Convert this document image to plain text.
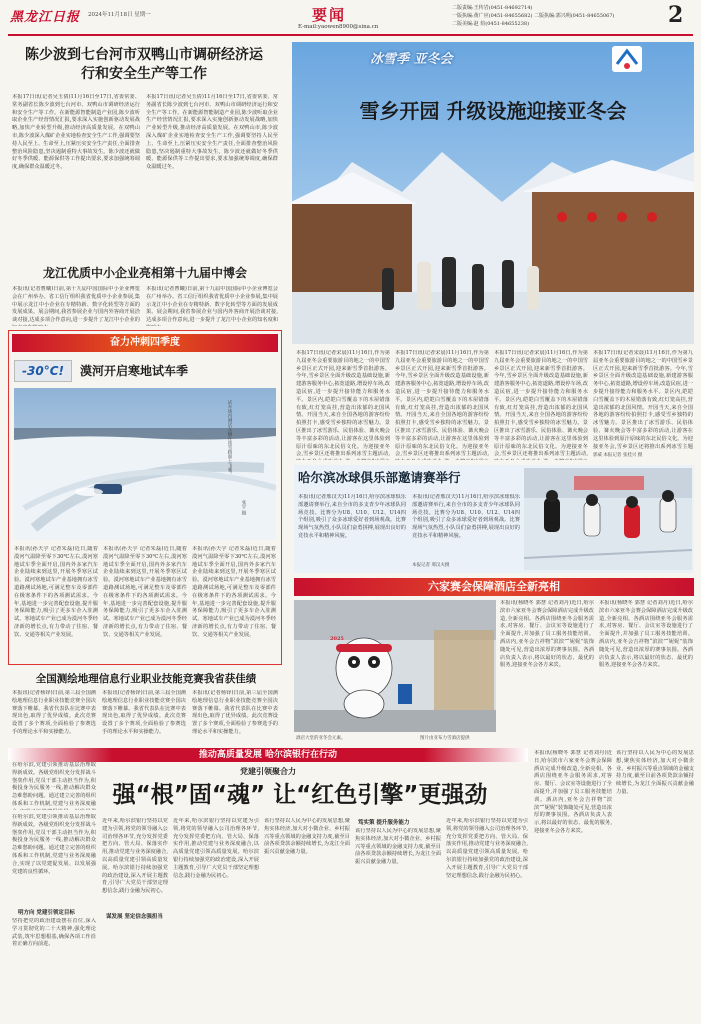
黑龙江日报 2024年11月18日 星期一	要闻
E-mail:yaowen8900@sina.cn
二版责编:王传岩(0451-84692714)
一版执编:黄广应(0451-84655682) 二版执编:郭兴明(0451-84655067)
二版美编:赵 煊(0451-84655238)	2
陈少波到七台河市双鸭山市调研经济运行和安全生产等工作
本报17日讯(记者吴玉倩)11月16日至17日,省委常委、常务副省长陈少波到七台河市、双鸭山市调研经济运行和安全生产等工作。在新能源智能制造产业园,陈少波听取企业生产经营情况汇报,要求深入实施创新驱动发展战略,加快产业转型升级,推动经济高质量发展。在双鸭山市,陈少波深入煤矿企业实地检查安全生产工作,强调要坚持人民至上、生命至上,压紧压实安全生产责任,全面排查整治风险隐患,坚决遏制重特大事故发生。陈少波还就做好冬季供暖、能源保供等工作提出要求,要求加强统筹调度,确保群众温暖过冬。
本报17日讯(记者吴玉倩)11月16日至17日,省委常委、常务副省长陈少波到七台河市、双鸭山市调研经济运行和安全生产等工作。在新能源智能制造产业园,陈少波听取企业生产经营情况汇报,要求深入实施创新驱动发展战略,加快产业转型升级,推动经济高质量发展。在双鸭山市,陈少波深入煤矿企业实地检查安全生产工作,强调要坚持人民至上、生命至上,压紧压实安全生产责任,全面排查整治风险隐患,坚决遏制重特大事故发生。陈少波还就做好冬季供暖、能源保供等工作提出要求,要求加强统筹调度,确保群众温暖过冬。
龙江优质中小企业亮相第十九届中博会
本报讯(记者曹曦)日前,第十九届中国国际中小企业博览会在广州举办。省工信厅组织我省优质中小企业参展,集中展示龙江中小企业在专精特新、数字化转型等方面的发展成果。展会期间,我省参展企业与国内外客商开展洽谈对接,达成多项合作意向,进一步提升了龙江中小企业的
本报讯(记者曹曦)日前,第十九届中国国际中小企业博览会在广州举办。省工信厅组织我省优质中小企业参展,集中展示龙江中小企业在专精特新、数字化转型等方面的发展成果。展会期间,我省参展企业与国内外客商开展洽谈对接,达成多项合作意向,进一步提升了龙江中小企业的知名度和
奋力冲刺四季度
-30°C!	漠河开启寒地试车季
试车场内测试车辆在冰雪路面上飞驰。
张宇 摄
本报讯(孙天宇 记者朱磊)近日,随着漠河气温降至零下30℃左右,漠河寒地试车季全面开启,国内外多家汽车企业陆续来到这里,开展冬季寒区试验。漠河寒地试车产业基地拥有冰雪道路测试场地,可满足整车及零部件在极寒条件下的各项测试需求。今年,基地进一步完善配套设施,提升服务保障能力,吸引了更多车企入驻测试。寒地试车产业已成为漠河冬季经济新的增长点,有力带动了住宿、餐饮、交通等相关产业发展。
本报讯(孙天宇 记者朱磊)近日,随着漠河气温降至零下30℃左右,漠河寒地试车季全面开启,国内外多家汽车企业陆续来到这里,开展冬季寒区试验。漠河寒地试车产业基地拥有冰雪道路测试场地,可满足整车及零部件在极寒条件下的各项测试需求。今年,基地进一步完善配套设施,提升服务保障能力,吸引了更多车企入驻测试。寒地试车产业已成为漠河冬季经济新的增长点,有力带动了住宿、餐饮、交通等相关产业发展。
本报讯(孙天宇 记者朱磊)近日,随着漠河气温降至零下30℃左右,漠河寒地试车季全面开启,国内外多家汽车企业陆续来到这里,开展冬季寒区试验。漠河寒地试车产业基地拥有冰雪道路测试场地,可满足整车及零部件在极寒条件下的各项测试需求。今年,基地进一步完善配套设施,提升服务保障能力,吸引了更多车企入驻测试。寒地试车产业已成为漠河冬季经济新的增长点,有力带动了住宿、餐饮、交通等相关产业发展。
全国测绘地理信息行业职业技能竞赛我省获佳绩
本报讯(记者杨铎)日前,第三届全国测绘地理信息行业职业技能竞赛全国决赛落下帷幕。我省代表队在比赛中表现出色,取得了优异成绩。此次竞赛设置了多个赛项,全面检验了参赛选手的理论水平和实操能力。
本报讯(记者杨铎)日前,第三届全国测绘地理信息行业职业技能竞赛全国决赛落下帷幕。我省代表队在比赛中表现出色,取得了优异成绩。此次竞赛设置了多个赛项,全面检验了参赛选手的理论水平和实操能力。
本报讯(记者杨铎)日前,第三届全国测绘地理信息行业职业技能竞赛全国决赛落下帷幕。我省代表队在比赛中表现出色,取得了优异成绩。此次竞赛设置了多个赛项,全面检验了参赛选手的理论水平和实操能力。
冰雪季 亚冬会
雪乡开园 升级设施迎接亚冬会
本报17日讯(记者宋晨)11月16日,作为第九届亚冬会重要旅游目的地之一的中国雪乡景区正式开园,迎来新雪季首批游客。今年,雪乡景区全面升级改造基础设施,新建游客服务中心,拓宽道路,增设停车场,改造民宿,进一步提升接待能力和服务水平。景区内,皑皑白雪覆盖下的木屋错落有致,红灯笼高挂,营造出浓郁的北国风情。开园当天,来自全国各地的游客纷纷拍照打卡,感受雪乡独特的冰雪魅力。景区推出了冰雪游乐、民俗体验、篝火晚会等丰富多彩的活动,让游客在这里体验到原汁原味的东北民俗文化。为迎接亚冬会,雪乡景区还将推出系列冰雪主题活动,
本报17日讯(记者宋晨)11月16日,作为第九届亚冬会重要旅游目的地之一的中国雪乡景区正式开园,迎来新雪季首批游客。今年,雪乡景区全面升级改造基础设施,新建游客服务中心,拓宽道路,增设停车场,改造民宿,进一步提升接待能力和服务水平。景区内,皑皑白雪覆盖下的木屋错落有致,红灯笼高挂,营造出浓郁的北国风情。开园当天,来自全国各地的游客纷纷拍照打卡,感受雪乡独特的冰雪魅力。景区推出了冰雪游乐、民俗体验、篝火晚会等丰富多彩的活动,让游客在这里体验到原汁原味的东北民俗文化。为迎接亚冬会,雪乡景区还将推出系列冰雪主题活动,
本报17日讯(记者宋晨)11月16日,作为第九届亚冬会重要旅游目的地之一的中国雪乡景区正式开园,迎来新雪季首批游客。今年,雪乡景区全面升级改造基础设施,新建游客服务中心,拓宽道路,增设停车场,改造民宿,进一步提升接待能力和服务水平。景区内,皑皑白雪覆盖下的木屋错落有致,红灯笼高挂,营造出浓郁的北国风情。开园当天,来自全国各地的游客纷纷拍照打卡,感受雪乡独特的冰雪魅力。景区推出了冰雪游乐、民俗体验、篝火晚会等丰富多彩的活动,让游客在这里体验到原汁原味的东北民俗文化。为迎接亚冬会,雪乡景区还将推出系列冰雪主题活动,
本报17日讯(记者宋晨)11月16日,作为第九届亚冬会重要旅游目的地之一的中国雪乡景区正式开园,迎来新雪季首批游客。今年,雪乡景区全面升级改造基础设施,新建游客服务中心,拓宽道路,增设停车场,改造民宿,进一步提升接待能力和服务水平。景区内,皑皑白雪覆盖下的木屋错落有致,红灯笼高挂,营造出浓郁的北国风情。开园当天,来自全国各地的游客纷纷拍照打卡,感受雪乡独特的冰雪魅力。景区推出了冰雪游乐、民俗体验、篝火晚会等丰富多彩的活动,让游客在这里体验到原汁原味的东北民俗文化。为迎接亚冬会,雪乡景区还将推出系列冰雪主题
郭威 本报记者 张桂兴 摄
哈尔滨冰球俱乐部邀请赛举行
本报讯(记者邢汉夫)11月16日,哈尔滨冰球俱乐部邀请赛举行,来自全市的多支青少年冰球队同场竞技。比赛分为U8、U10、U12、U14四个组别,吸引了众多冰球爱好者到场观战。比赛现场气氛热烈,小队员们奋勇拼搏,展现出良好的竞技水平和精神风貌。
本报讯(记者邢汉夫)11月16日,哈尔滨冰球俱乐部邀请赛举行,来自全市的多支青少年冰球队同场竞技。比赛分为U8、U10、U12、U14四个组别,吸引了众多冰球爱好者到场观战。比赛现场气氛热烈,小队员们奋勇拼搏,展现出良好的竞技水平和精神风貌。
本报记者 邢汉夫摄
六家赛会保障酒店全新亮相
2025
酒店大堂的亚冬会元素。	图片由亚布力雪酒店提供
本报讯(杨晓冬 郭慧 记者刘丹)近日,哈尔滨市六家亚冬会赛会保障酒店完成升级改造,全新亮相。各酒店围绕亚冬会服务需求,对客房、餐厅、会议室等设施进行了全面提升,并加强了员工服务技能培训。酒店内,亚冬会吉祥物“滨滨”“妮妮”装饰随处可见,营造出浓厚的赛事氛围。各酒店负责人表示,将以最好的状态、最优的服务,迎接亚冬会各方来宾。
本报讯(杨晓冬 郭慧 记者刘丹)近日,哈尔滨市六家亚冬会赛会保障酒店完成升级改造,全新亮相。各酒店围绕亚冬会服务需求,对客房、餐厅、会议室等设施进行了全面提升,并加强了员工服务技能培训。酒店内,亚冬会吉祥物“滨滨”“妮妮”装饰随处可见,营造出浓厚的赛事氛围。各酒店负责人表示,将以最好的状态、最优的服务,迎接亚冬会各方来宾。
推动高质量发展 哈尔滨银行在行动
党建引领聚合力
强“根”固“魂” 让“红色引擎”更强劲
在哈尔滨,党建引领推动基层治理取得新成效。各级党组织充分发挥战斗堡垒作用,党员干部主动担当作为,积极投身为民服务一线,推动解决群众急难愁盼问题。通过建立完善的组织体系和工作机制,党建与业务深度融
在哈尔滨,党建引领推动基层治理取得新成效。各级党组织充分发挥战斗堡垒作用,党员干部主动担当作为,积极投身为民服务一线,推动解决群众急难愁盼问题。通过建立完善的组织体系和工作机制,党建与业务深度融合,实现了以党建促发展、以发展强党建的良性循环。
明方向 党建引领定目标
坚持把党的政治建设摆在首位,深入学习贯彻党的二十大精神,强化理论武装,筑牢思想根基,确保各项工作沿着正确方向前进。
近年来,哈尔滨银行坚持以党建为引领,将党的领导融入公司治理各环节,充分发挥党委把方向、管大局、保落实作用,推动党建与业务深度融合,以高质量党建引领高质量发展。哈尔滨银行持续加强党的政治建设,深入开展主题教育,引导广大党员干部坚定理想信念,践行金融为民初心。
谋发展 坚定信念强担当
近年来,哈尔滨银行坚持以党建为引领,将党的领导融入公司治理各环节,充分发挥党委把方向、管大局、保落实作用,推动党建与业务深度融合,以高质量党建引领高质量发展。哈尔滨银行持续加强党的政治建设,深入开展主题教育,引导广大党员干部坚定理想信念,践行金融为民初心。
该行坚持以人民为中心的发展思想,聚焦实体经济,加大对小微企业、乡村振兴等重点领域的金融支持力度,截至目前各项贷款余额持续增长,为龙江全面振兴贡献金融力量。
笃实策 提升服务能力
该行坚持以人民为中心的发展思想,聚焦实体经济,加大对小微企业、乡村振兴等重点领域的金融支持力度,截至目前各项贷款余额持续增长,为龙江全面振兴贡献金融力量。
近年来,哈尔滨银行坚持以党建为引领,将党的领导融入公司治理各环节,充分发挥党委把方向、管大局、保落实作用,推动党建与业务深度融合,以高质量党建引领高质量发展。哈尔滨银行持续加强党的政治建设,深入开展主题教育,引导广大党员干部坚定理想信念,践行金融为民初心。
本报讯(杨晓冬 郭慧 记者刘丹)近日,哈尔滨市六家亚冬会赛会保障酒店完成升级改造,全新亮相。各酒店围绕亚冬会服务需求,对客房、餐厅、会议室等设施进行了全面提升,并加强了员工服务技能培训。酒店内,亚冬会吉祥物“滨滨”“妮妮”装饰随处可见,营造出浓厚的赛事氛围。各酒店负责人表示,将以最好的状态、最优的服务,迎接亚冬会各方来宾。
该行坚持以人民为中心的发展思想,聚焦实体经济,加大对小微企业、乡村振兴等重点领域的金融支持力度,截至目前各项贷款余额持续增长,为龙江全面振兴贡献金融力量。
